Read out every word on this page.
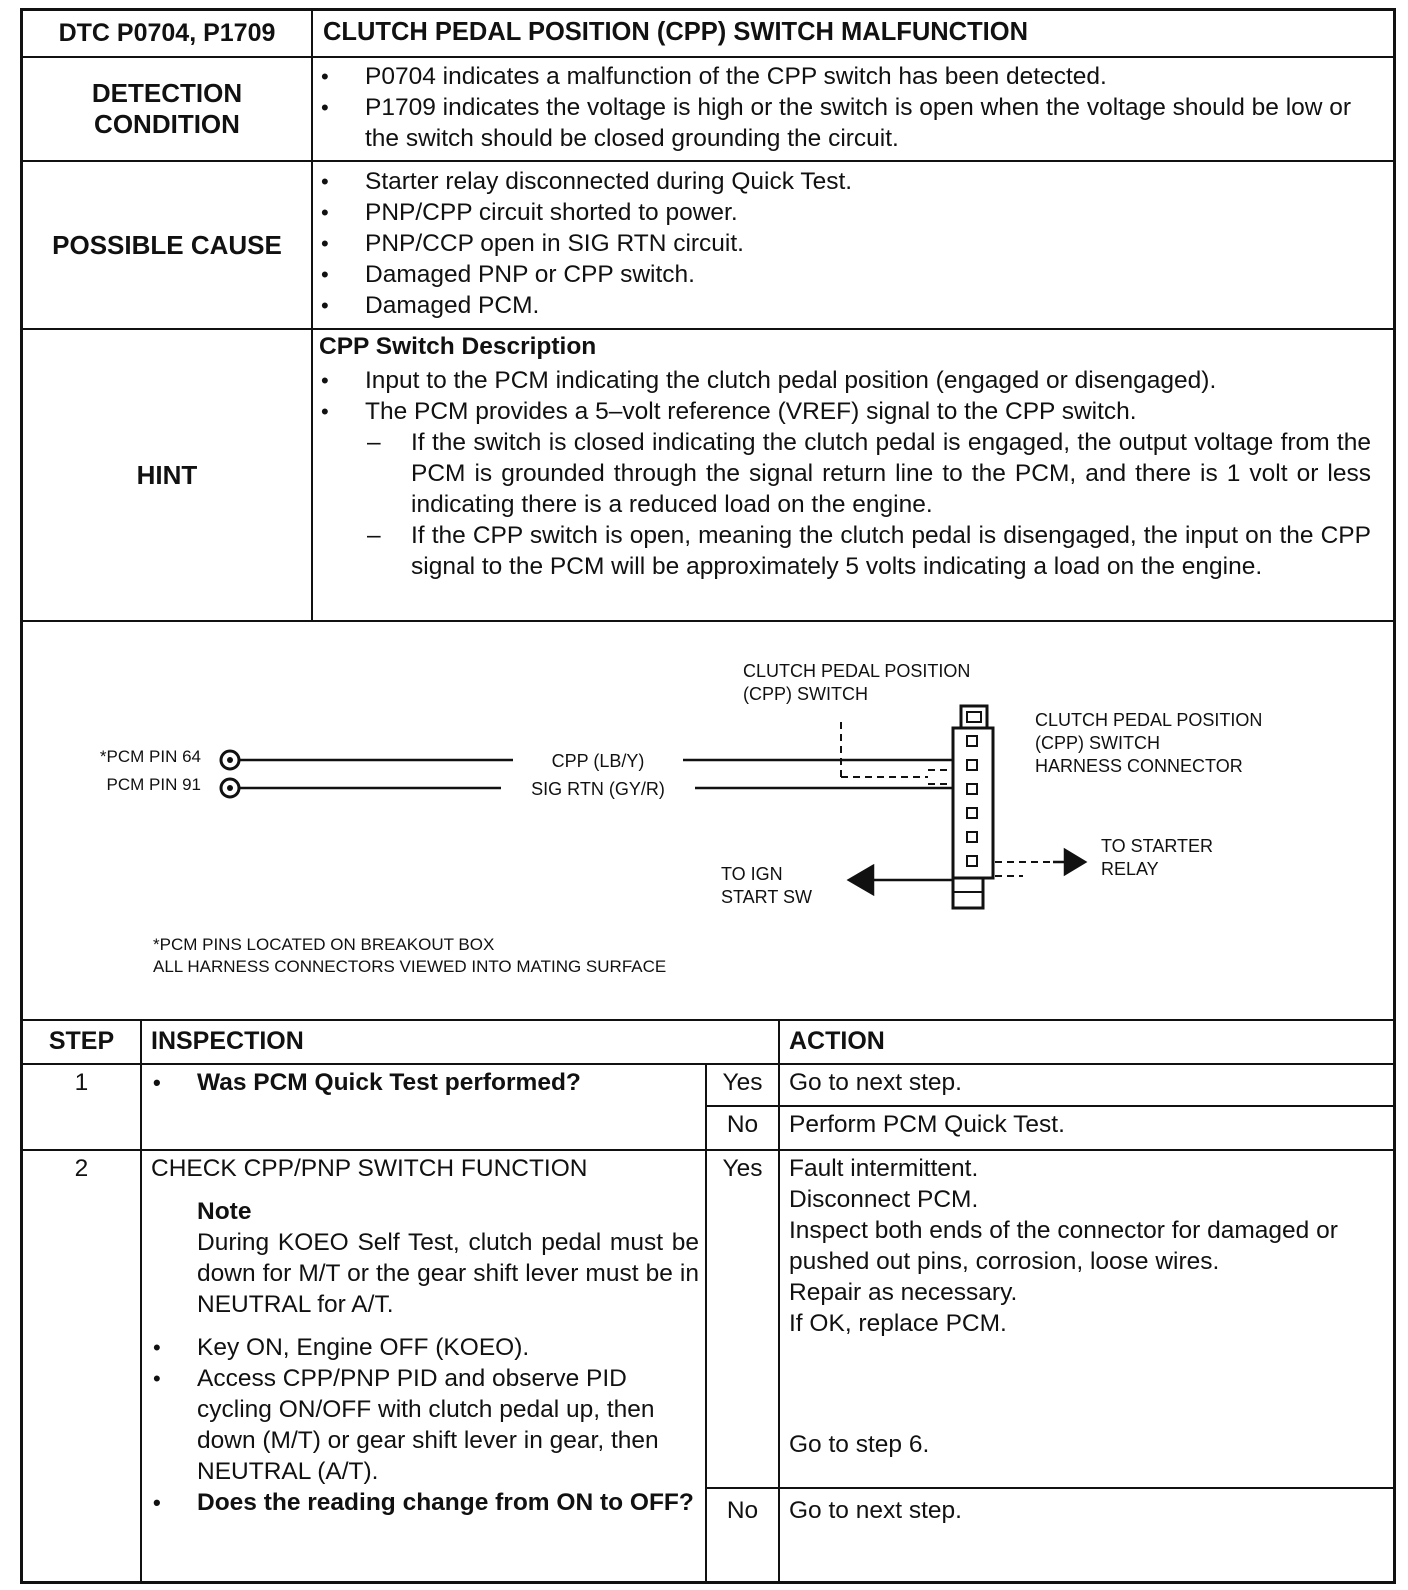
DTC P0704, P1709	CLUTCH PEDAL POSITION (CPP) SWITCH MALFUNCTION
DETECTION CONDITION
• P0704 indicates a malfunction of the CPP switch has been detected.
• P1709 indicates the voltage is high or the switch is open when the voltage should be low or the switch should be closed grounding the circuit.
POSSIBLE CAUSE
• Starter relay disconnected during Quick Test.
• PNP/CPP circuit shorted to power.
• PNP/CCP open in SIG RTN circuit.
• Damaged PNP or CPP switch.
• Damaged PCM.
HINT
CPP Switch Description
• Input to the PCM indicating the clutch pedal position (engaged or disengaged).
• The PCM provides a 5–volt reference (VREF) signal to the CPP switch.
– If the switch is closed indicating the clutch pedal is engaged, the output voltage from the PCM is grounded through the signal return line to the PCM, and there is 1 volt or less indicating there is a reduced load on the engine.
– If the CPP switch is open, meaning the clutch pedal is disengaged, the input on the CPP signal to the PCM will be approximately 5 volts indicating a load on the engine.
CLUTCH PEDAL POSITION
(CPP) SWITCH
CLUTCH PEDAL POSITION
(CPP) SWITCH
HARNESS CONNECTOR
*PCM PIN 64
PCM PIN 91
CPP (LB/Y)
SIG RTN (GY/R)
TO STARTER
RELAY
TO IGN
START SW
*PCM PINS LOCATED ON BREAKOUT BOX
ALL HARNESS CONNECTORS VIEWED INTO MATING SURFACE
STEP	INSPECTION	ACTION
1
•	Was PCM Quick Test performed?	Yes	Go to next step.
No	Perform PCM Quick Test.
2	CHECK CPP/PNP SWITCH FUNCTION
Note
During KOEO Self Test, clutch pedal must be down for M/T or the gear shift lever must be in NEUTRAL for A/T.
• Key ON, Engine OFF (KOEO).
• Access CPP/PNP PID and observe PID cycling ON/OFF with clutch pedal up, then down (M/T) or gear shift lever in gear, then NEUTRAL (A/T).
• Does the reading change from ON to OFF?
Yes	Fault intermittent.
Disconnect PCM.
Inspect both ends of the connector for damaged or pushed out pins, corrosion, loose wires.
Repair as necessary.
If OK, replace PCM.
Go to step 6.
No	Go to next step.
